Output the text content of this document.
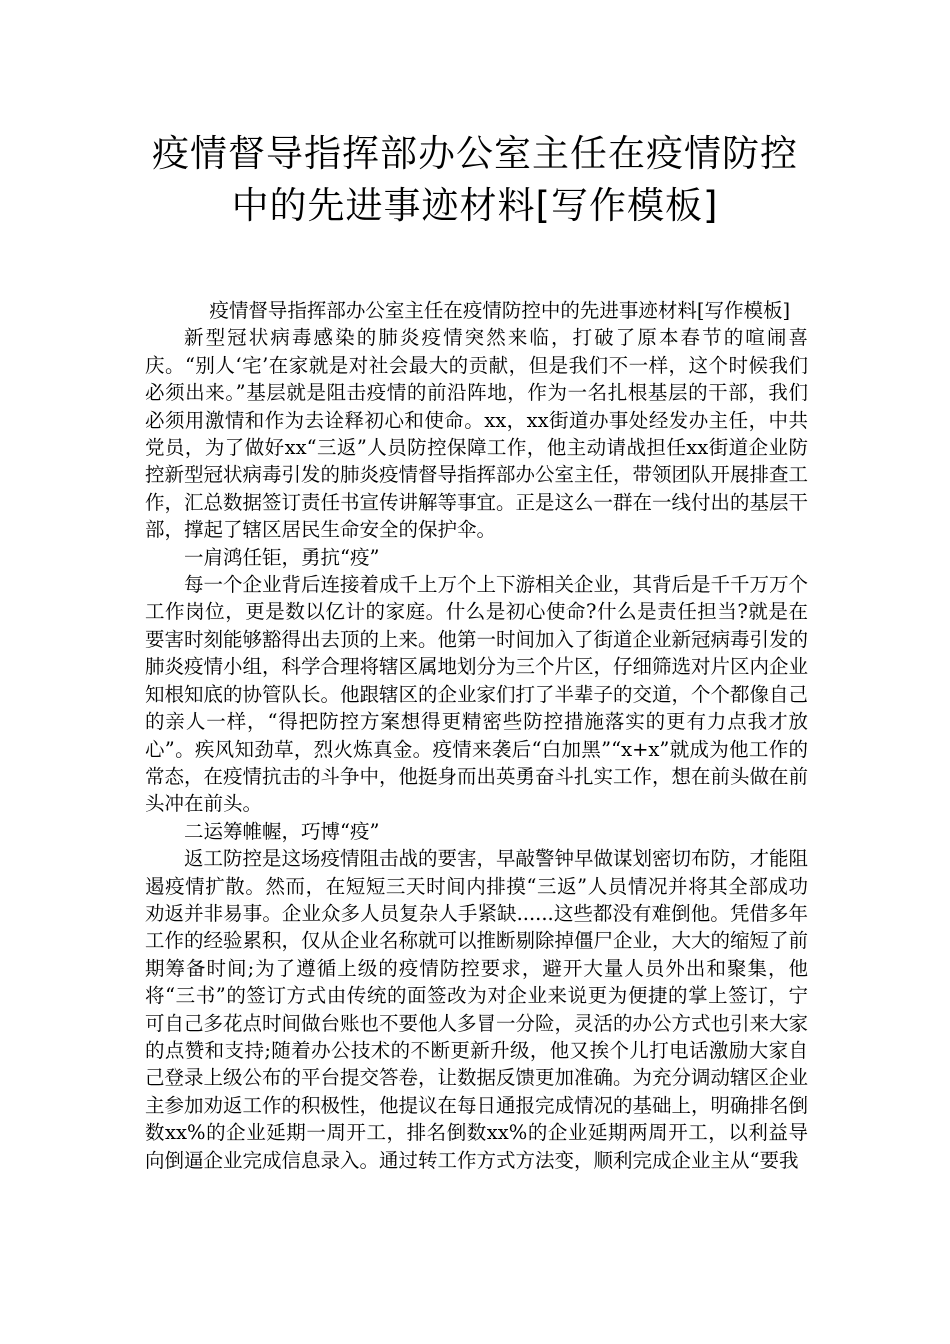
疫情督导指挥部办公室主任在疫情防控
中的先进事迹材料[写作模板]

疫情督导指挥部办公室主任在疫情防控中的先进事迹材料[写作模板]

新型冠状病毒感染的肺炎疫情突然来临，打破了原本春节的喧闹喜庆。“别人‘宅’在家就是对社会最大的贡献，但是我们不一样，这个时候我们必须出来。”基层就是阻击疫情的前沿阵地，作为一名扎根基层的干部，我们必须用激情和作为去诠释初心和使命。xx，xx街道办事处经发办主任，中共党员，为了做好xx“三返”人员防控保障工作，他主动请战担任xx街道企业防控新型冠状病毒引发的肺炎疫情督导指挥部办公室主任，带领团队开展排查工作，汇总数据签订责任书宣传讲解等事宜。正是这么一群在一线付出的基层干部，撑起了辖区居民生命安全的保护伞。

一肩鸿任钜，勇抗“疫”

每一个企业背后连接着成千上万个上下游相关企业，其背后是千千万万个工作岗位，更是数以亿计的家庭。什么是初心使命?什么是责任担当?就是在要害时刻能够豁得出去顶的上来。他第一时间加入了街道企业新冠病毒引发的肺炎疫情小组，科学合理将辖区属地划分为三个片区，仔细筛选对片区内企业知根知底的协管队长。他跟辖区的企业家们打了半辈子的交道，个个都像自己的亲人一样，“得把防控方案想得更精密些防控措施落实的更有力点我才放心”。疾风知劲草，烈火炼真金。疫情来袭后“白加黑”“x+x”就成为他工作的常态，在疫情抗击的斗争中，他挺身而出英勇奋斗扎实工作，想在前头做在前头冲在前头。

二运筹帷幄，巧博“疫”

返工防控是这场疫情阻击战的要害，早敲警钟早做谋划密切布防，才能阻遏疫情扩散。然而，在短短三天时间内排摸“三返”人员情况并将其全部成功劝返并非易事。企业众多人员复杂人手紧缺......这些都没有难倒他。凭借多年工作的经验累积，仅从企业名称就可以推断剔除掉僵尸企业，大大的缩短了前期筹备时间;为了遵循上级的疫情防控要求，避开大量人员外出和聚集，他将“三书”的签订方式由传统的面签改为对企业来说更为便捷的掌上签订，宁可自己多花点时间做台账也不要他人多冒一分险，灵活的办公方式也引来大家的点赞和支持;随着办公技术的不断更新升级，他又挨个儿打电话激励大家自己登录上级公布的平台提交答卷，让数据反馈更加准确。为充分调动辖区企业主参加劝返工作的积极性，他提议在每日通报完成情况的基础上，明确排名倒数xx%的企业延期一周开工，排名倒数xx%的企业延期两周开工，以利益导向倒逼企业完成信息录入。通过转工作方式方法变，顺利完成企业主从“要我
